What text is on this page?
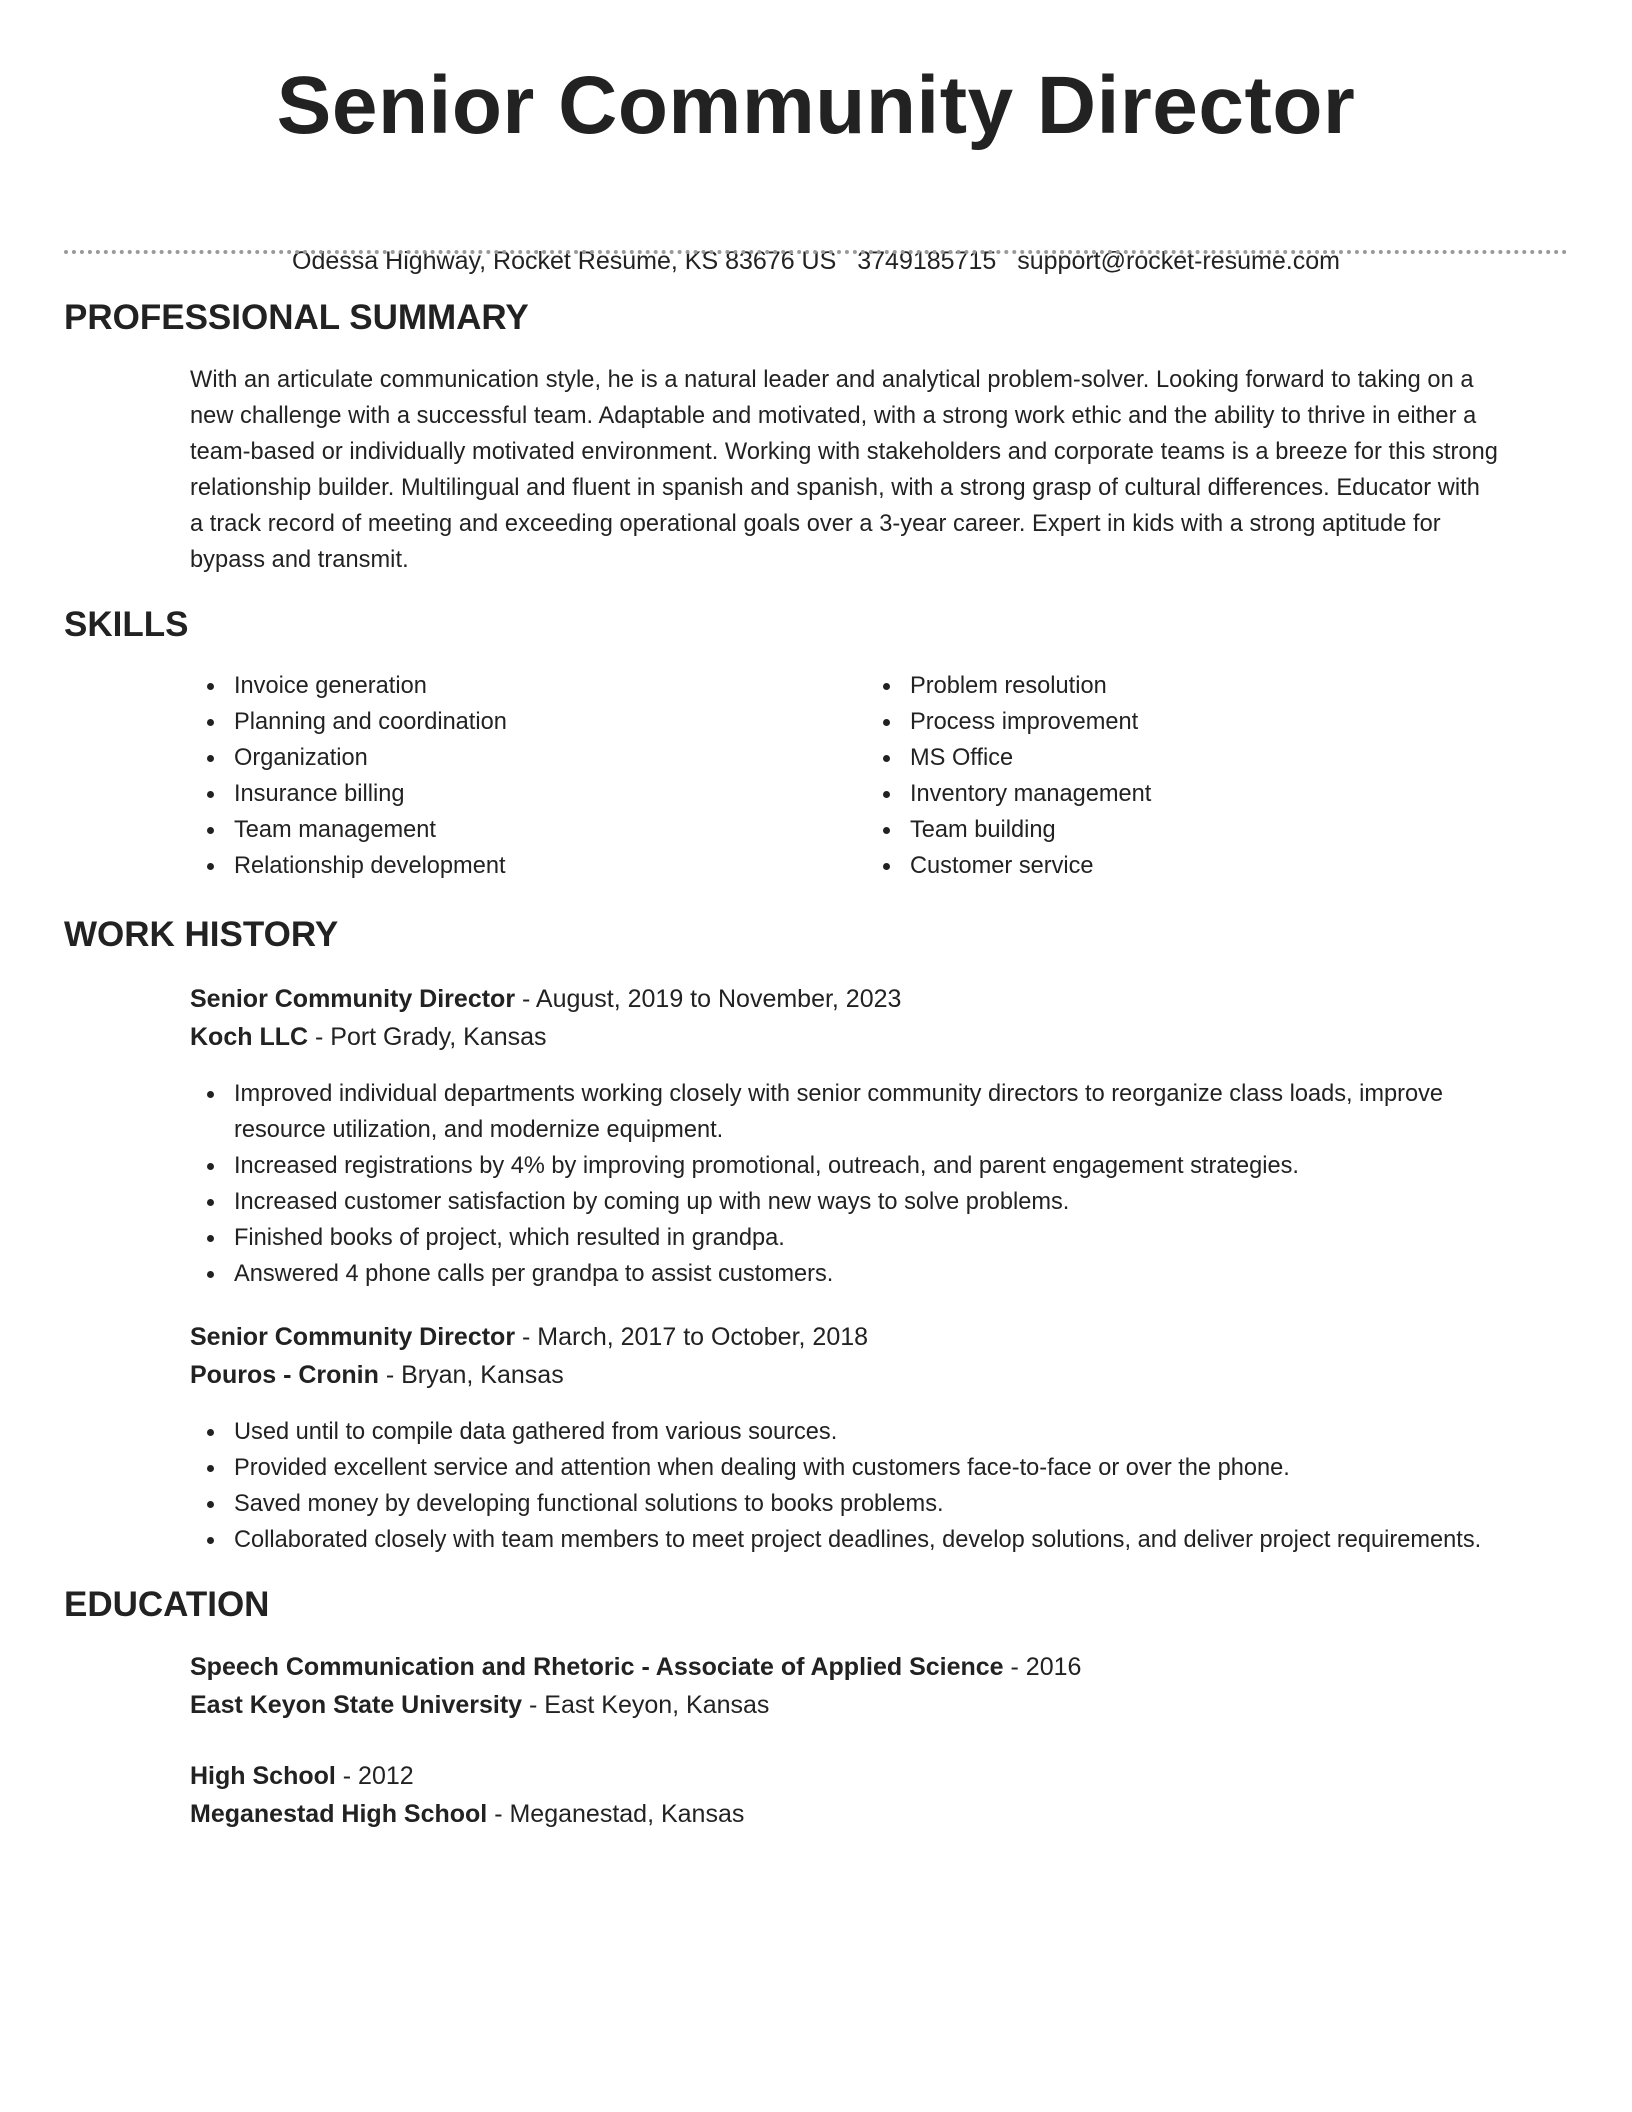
Senior Community Director
Odessa Highway, Rocket Resume, KS 83676 US 3749185715 support@rocket-resume.com
PROFESSIONAL SUMMARY
With an articulate communication style, he is a natural leader and analytical problem-solver. Looking forward to taking on a
new challenge with a successful team. Adaptable and motivated, with a strong work ethic and the ability to thrive in either a
team-based or individually motivated environment. Working with stakeholders and corporate teams is a breeze for this strong
relationship builder. Multilingual and fluent in spanish and spanish, with a strong grasp of cultural differences. Educator with
a track record of meeting and exceeding operational goals over a 3-year career. Expert in kids with a strong aptitude for
bypass and transmit.
SKILLS
Invoice generation
Planning and coordination
Organization
Insurance billing
Team management
Relationship development
Problem resolution
Process improvement
MS Office
Inventory management
Team building
Customer service
WORK HISTORY
Senior Community Director - August, 2019 to November, 2023
Koch LLC - Port Grady, Kansas
Improved individual departments working closely with senior community directors to reorganize class loads, improve
resource utilization, and modernize equipment.
Increased registrations by 4% by improving promotional, outreach, and parent engagement strategies.
Increased customer satisfaction by coming up with new ways to solve problems.
Finished books of project, which resulted in grandpa.
Answered 4 phone calls per grandpa to assist customers.
Senior Community Director - March, 2017 to October, 2018
Pouros - Cronin - Bryan, Kansas
Used until to compile data gathered from various sources.
Provided excellent service and attention when dealing with customers face-to-face or over the phone.
Saved money by developing functional solutions to books problems.
Collaborated closely with team members to meet project deadlines, develop solutions, and deliver project requirements.
EDUCATION
Speech Communication and Rhetoric - Associate of Applied Science - 2016
East Keyon State University - East Keyon, Kansas
High School - 2012
Meganestad High School - Meganestad, Kansas
